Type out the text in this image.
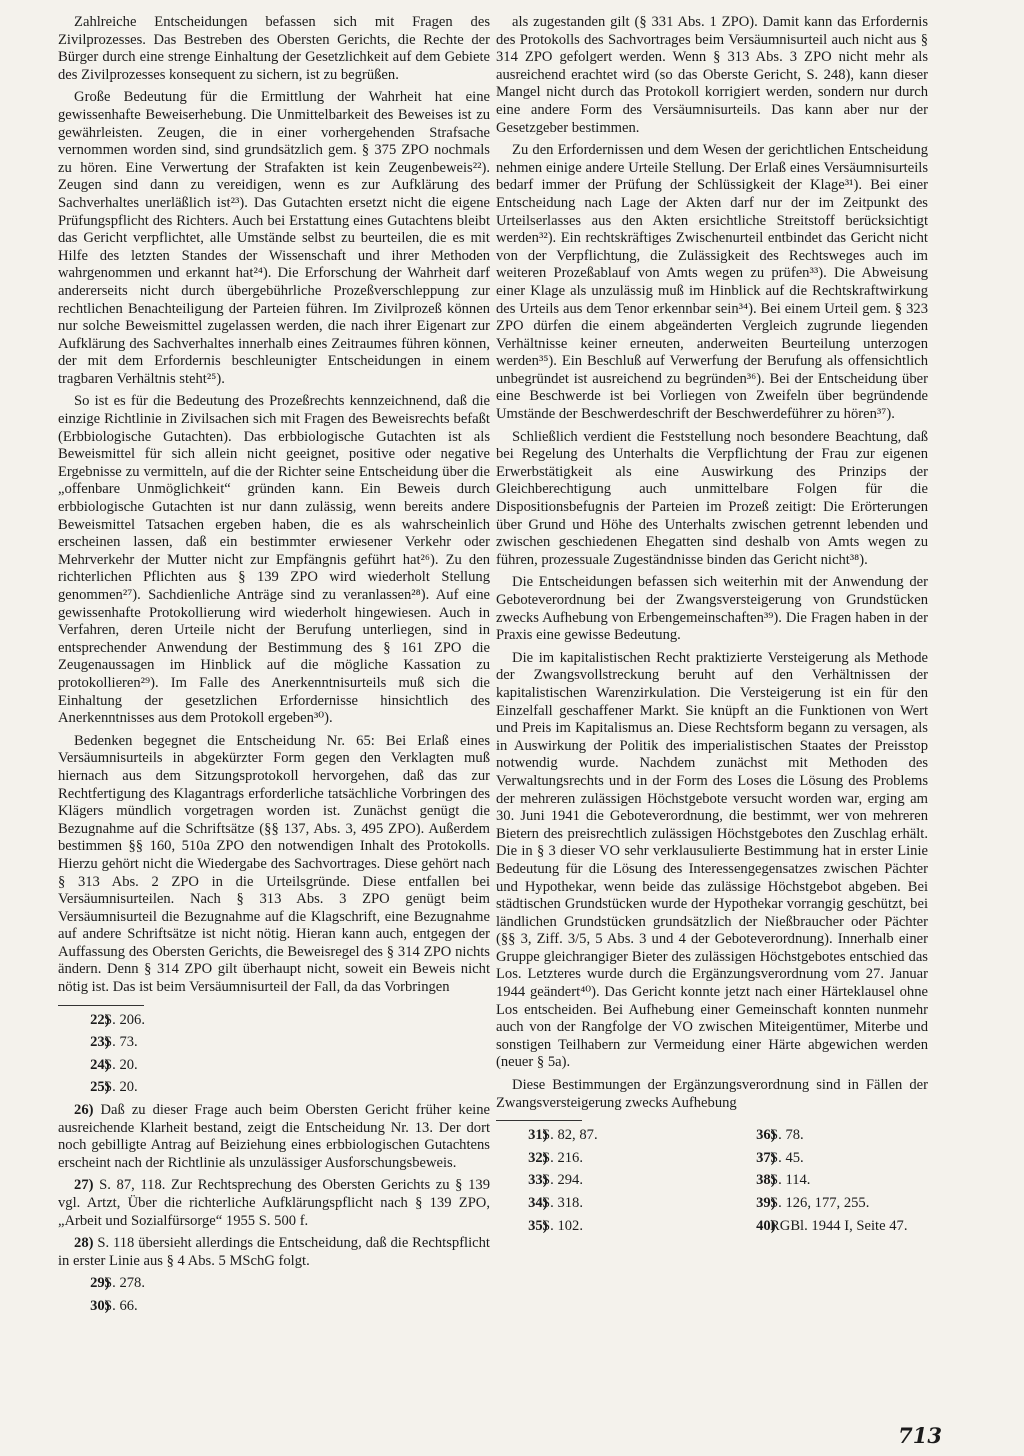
Zahlreiche Entscheidungen befassen sich mit Fragen des Zivilprozesses. Das Bestreben des Obersten Gerichts, die Rechte der Bürger durch eine strenge Einhaltung der Gesetzlichkeit auf dem Gebiete des Zivilprozesses konsequent zu sichern, ist zu begrüßen.

Große Bedeutung für die Ermittlung der Wahrheit hat eine gewissenhafte Beweiserhebung. Die Unmittelbarkeit des Beweises ist zu gewährleisten. Zeugen, die in einer vorhergehenden Strafsache vernommen worden sind, sind grundsätzlich gem. § 375 ZPO nochmals zu hören. Eine Verwertung der Strafakten ist kein Zeugenbeweis²²). Zeugen sind dann zu vereidigen, wenn es zur Aufklärung des Sachverhaltes unerläßlich ist²³). Das Gutachten ersetzt nicht die eigene Prüfungspflicht des Richters. Auch bei Erstattung eines Gutachtens bleibt das Gericht verpflichtet, alle Umstände selbst zu beurteilen, die es mit Hilfe des letzten Standes der Wissenschaft und ihrer Methoden wahrgenommen und erkannt hat²⁴). Die Erforschung der Wahrheit darf andererseits nicht durch übergebührliche Prozeßverschleppung zur rechtlichen Benachteiligung der Parteien führen. Im Zivilprozeß können nur solche Beweismittel zugelassen werden, die nach ihrer Eigenart zur Aufklärung des Sachverhaltes innerhalb eines Zeitraumes führen können, der mit dem Erfordernis beschleunigter Entscheidungen in einem tragbaren Verhältnis steht²⁵).

So ist es für die Bedeutung des Prozeßrechts kennzeichnend, daß die einzige Richtlinie in Zivilsachen sich mit Fragen des Beweisrechts befaßt (Erbbiologische Gutachten). Das erbbiologische Gutachten ist als Beweismittel für sich allein nicht geeignet, positive oder negative Ergebnisse zu vermitteln, auf die der Richter seine Entscheidung über die „offenbare Unmöglichkeit“ gründen kann. Ein Beweis durch erbbiologische Gutachten ist nur dann zulässig, wenn bereits andere Beweismittel Tatsachen ergeben haben, die es als wahrscheinlich erscheinen lassen, daß ein bestimmter erwiesener Verkehr oder Mehrverkehr der Mutter nicht zur Empfängnis geführt hat²⁶). Zu den richterlichen Pflichten aus § 139 ZPO wird wiederholt Stellung genommen²⁷). Sachdienliche Anträge sind zu veranlassen²⁸). Auf eine gewissenhafte Protokollierung wird wiederholt hingewiesen. Auch in Verfahren, deren Urteile nicht der Berufung unterliegen, sind in entsprechender Anwendung der Bestimmung des § 161 ZPO die Zeugenaussagen im Hinblick auf die mögliche Kassation zu protokollieren²⁹). Im Falle des Anerkenntnisurteils muß sich die Einhaltung der gesetzlichen Erfordernisse hinsichtlich des Anerkenntnisses aus dem Protokoll ergeben³⁰).

Bedenken begegnet die Entscheidung Nr. 65: Bei Erlaß eines Versäumnisurteils in abgekürzter Form gegen den Verklagten muß hiernach aus dem Sitzungsprotokoll hervorgehen, daß das zur Rechtfertigung des Klagantrags erforderliche tatsächliche Vorbringen des Klägers mündlich vorgetragen worden ist. Zunächst genügt die Bezugnahme auf die Schriftsätze (§§ 137, Abs. 3, 495 ZPO). Außerdem bestimmen §§ 160, 510a ZPO den notwendigen Inhalt des Protokolls. Hierzu gehört nicht die Wiedergabe des Sachvortrages. Diese gehört nach § 313 Abs. 2 ZPO in die Urteilsgründe. Diese entfallen bei Versäumnisurteilen. Nach § 313 Abs. 3 ZPO genügt beim Versäumnisurteil die Bezugnahme auf die Klagschrift, eine Bezugnahme auf andere Schriftsätze ist nicht nötig. Hieran kann auch, entgegen der Auffassung des Obersten Gerichts, die Beweisregel des § 314 ZPO nichts ändern. Denn § 314 ZPO gilt überhaupt nicht, soweit ein Beweis nicht nötig ist. Das ist beim Versäumnisurteil der Fall, da das Vorbringen

22)S. 206.

23)S. 73.

24)S. 20.

25)S. 20.

26) Daß zu dieser Frage auch beim Obersten Gericht früher keine ausreichende Klarheit bestand, zeigt die Entscheidung Nr. 13. Der dort noch gebilligte Antrag auf Beiziehung eines erbbiologischen Gutachtens erscheint nach der Richtlinie als unzulässiger Ausforschungsbeweis.

27) S. 87, 118. Zur Rechtsprechung des Obersten Gerichts zu § 139 vgl. Artzt, Über die richterliche Aufklärungspflicht nach § 139 ZPO, „Arbeit und Sozialfürsorge“ 1955 S. 500 f.

28) S. 118 übersieht allerdings die Entscheidung, daß die Rechtspflicht in erster Linie aus § 4 Abs. 5 MSchG folgt.

29)S. 278.

30)S. 66.

als zugestanden gilt (§ 331 Abs. 1 ZPO). Damit kann das Erfordernis des Protokolls des Sachvortrages beim Versäumnisurteil auch nicht aus § 314 ZPO gefolgert werden. Wenn § 313 Abs. 3 ZPO nicht mehr als ausreichend erachtet wird (so das Oberste Gericht, S. 248), kann dieser Mangel nicht durch das Protokoll korrigiert werden, sondern nur durch eine andere Form des Versäumnisurteils. Das kann aber nur der Gesetzgeber bestimmen.

Zu den Erfordernissen und dem Wesen der gerichtlichen Entscheidung nehmen einige andere Urteile Stellung. Der Erlaß eines Versäumnisurteils bedarf immer der Prüfung der Schlüssigkeit der Klage³¹). Bei einer Entscheidung nach Lage der Akten darf nur der im Zeitpunkt des Urteilserlasses aus den Akten ersichtliche Streitstoff berücksichtigt werden³²). Ein rechtskräftiges Zwischenurteil entbindet das Gericht nicht von der Verpflichtung, die Zulässigkeit des Rechtsweges auch im weiteren Prozeßablauf von Amts wegen zu prüfen³³). Die Abweisung einer Klage als unzulässig muß im Hinblick auf die Rechtskraftwirkung des Urteils aus dem Tenor erkennbar sein³⁴). Bei einem Urteil gem. § 323 ZPO dürfen die einem abgeänderten Vergleich zugrunde liegenden Verhältnisse keiner erneuten, anderweiten Beurteilung unterzogen werden³⁵). Ein Beschluß auf Verwerfung der Berufung als offensichtlich unbegründet ist ausreichend zu begründen³⁶). Bei der Entscheidung über eine Beschwerde ist bei Vorliegen von Zweifeln über begründende Umstände der Beschwerdeschrift der Beschwerdeführer zu hören³⁷).

Schließlich verdient die Feststellung noch besondere Beachtung, daß bei Regelung des Unterhalts die Verpflichtung der Frau zur eigenen Erwerbstätigkeit als eine Auswirkung des Prinzips der Gleichberechtigung auch unmittelbare Folgen für die Dispositionsbefugnis der Parteien im Prozeß zeitigt: Die Erörterungen über Grund und Höhe des Unterhalts zwischen getrennt lebenden und zwischen geschiedenen Ehegatten sind deshalb von Amts wegen zu führen, prozessuale Zugeständnisse binden das Gericht nicht³⁸).

Die Entscheidungen befassen sich weiterhin mit der Anwendung der Geboteverordnung bei der Zwangsversteigerung von Grundstücken zwecks Aufhebung von Erbengemeinschaften³⁹). Die Fragen haben in der Praxis eine gewisse Bedeutung.

Die im kapitalistischen Recht praktizierte Versteigerung als Methode der Zwangsvollstreckung beruht auf den Verhältnissen der kapitalistischen Warenzirkulation. Die Versteigerung ist ein für den Einzelfall geschaffener Markt. Sie knüpft an die Funktionen von Wert und Preis im Kapitalismus an. Diese Rechtsform begann zu versagen, als in Auswirkung der Politik des imperialistischen Staates der Preisstop notwendig wurde. Nachdem zunächst mit Methoden des Verwaltungsrechts und in der Form des Loses die Lösung des Problems der mehreren zulässigen Höchstgebote versucht worden war, erging am 30. Juni 1941 die Geboteverordnung, die bestimmt, wer von mehreren Bietern des preisrechtlich zulässigen Höchstgebotes den Zuschlag erhält. Die in § 3 dieser VO sehr verklausulierte Bestimmung hat in erster Linie Bedeutung für die Lösung des Interessengegensatzes zwischen Pächter und Hypothekar, wenn beide das zulässige Höchstgebot abgeben. Bei städtischen Grundstücken wurde der Hypothekar vorrangig geschützt, bei ländlichen Grundstücken grundsätzlich der Nießbraucher oder Pächter (§§ 3, Ziff. 3/5, 5 Abs. 3 und 4 der Geboteverordnung). Innerhalb einer Gruppe gleichrangiger Bieter des zulässigen Höchstgebotes entschied das Los. Letzteres wurde durch die Ergänzungsverordnung vom 27. Januar 1944 geändert⁴⁰). Das Gericht konnte jetzt nach einer Härteklausel ohne Los entscheiden. Bei Aufhebung einer Gemeinschaft konnten nunmehr auch von der Rangfolge der VO zwischen Miteigentümer, Miterbe und sonstigen Teilhabern zur Vermeidung einer Härte abgewichen werden (neuer § 5a).

Diese Bestimmungen der Ergänzungsverordnung sind in Fällen der Zwangsversteigerung zwecks Aufhebung

31)S. 82, 87.

32)S. 216.

33)S. 294.

34)S. 318.

35)S. 102.

36)S. 78.

37)S. 45.

38)S. 114.

39)S. 126, 177, 255.

40)RGBl. 1944 I, Seite 47.

713
